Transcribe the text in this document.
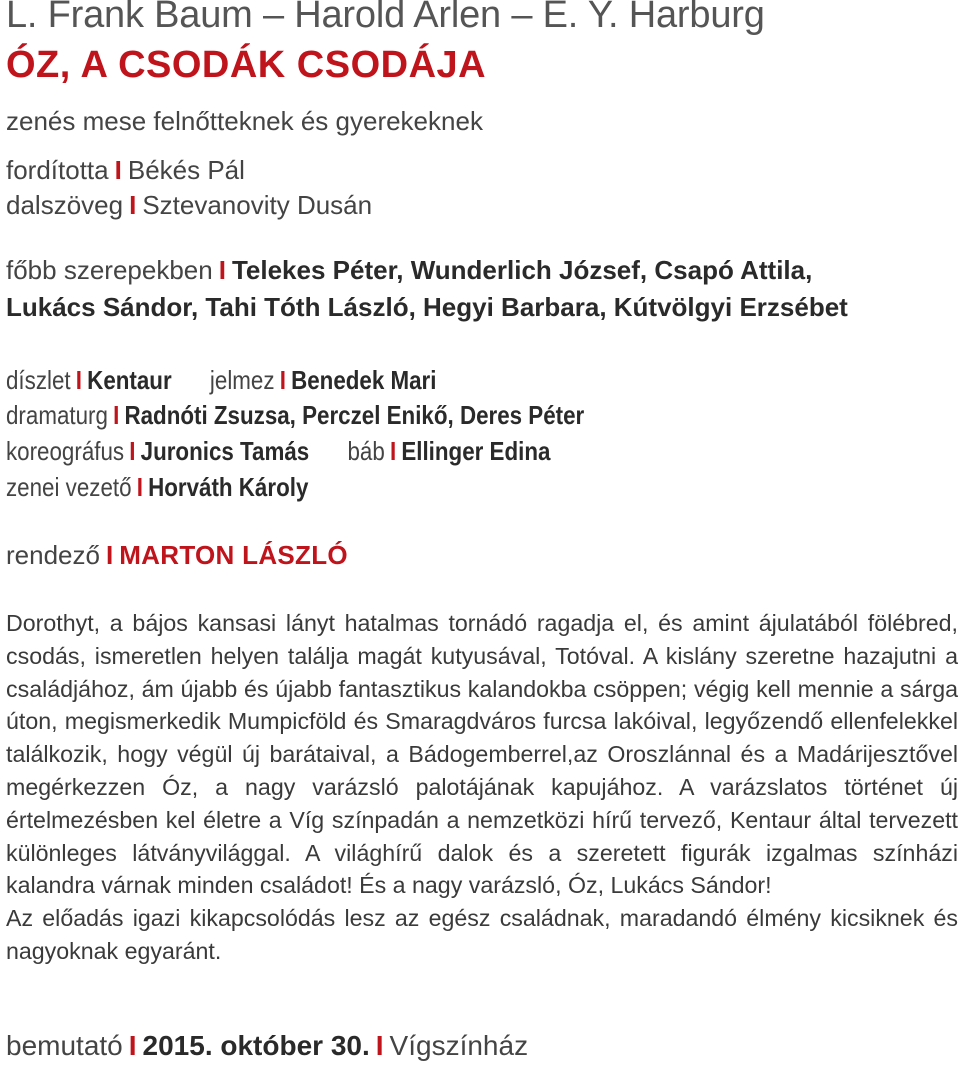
L. Frank Baum – Harold Arlen – E. Y. Harburg
ÓZ, A CSODÁK CSODÁJA
zenés mese felnőtteknek és gyerekeknek
fordította I Békés Pál
dalszöveg I Sztevanovity Dusán
főbb szerepekben I Telekes Péter, Wunderlich József, Csapó Attila,
Lukács Sándor, Tahi Tóth László, Hegyi Barbara, Kútvölgyi Erzsébet
díszlet I Kentaur jelmez I Benedek Mari
dramaturg I Radnóti Zsuzsa, Perczel Enikő, Deres Péter
koreográfus I Juronics Tamás báb I Ellinger Edina
zenei vezető I Horváth Károly
rendező I MARTON LÁSZLÓ

Dorothyt, a bájos kansasi lányt hatalmas tornádó ragadja el, és amint ájulatából fölébred, csodás, ismeretlen helyen találja magát kutyusával, Totóval. A kislány szeretne hazajutni a családjához, ám újabb és újabb fantasztikus kalandokba csöppen; végig kell mennie a sárga úton, megismerkedik Mumpicföld és Smaragdváros furcsa lakóival, legyőzendő ellenfelekkel találkozik, hogy végül új barátaival, a Bádogemberrel,az Oroszlánnal és a Madárijesztővel megérkezzen Óz, a nagy varázsló palotájának kapujához. A varázslatos történet új értelmezésben kel életre a Víg színpadán a nemzetközi hírű tervező, Kentaur által tervezett különleges látványvilággal. A világhírű dalok és a szeretett figurák izgalmas színházi kalandra várnak minden családot! És a nagy varázsló, Óz, Lukács Sándor!

Az előadás igazi kikapcsolódás lesz az egész családnak, maradandó élmény kicsiknek és nagyoknak egyaránt.

bemutató I 2015. október 30. I Vígszínház
